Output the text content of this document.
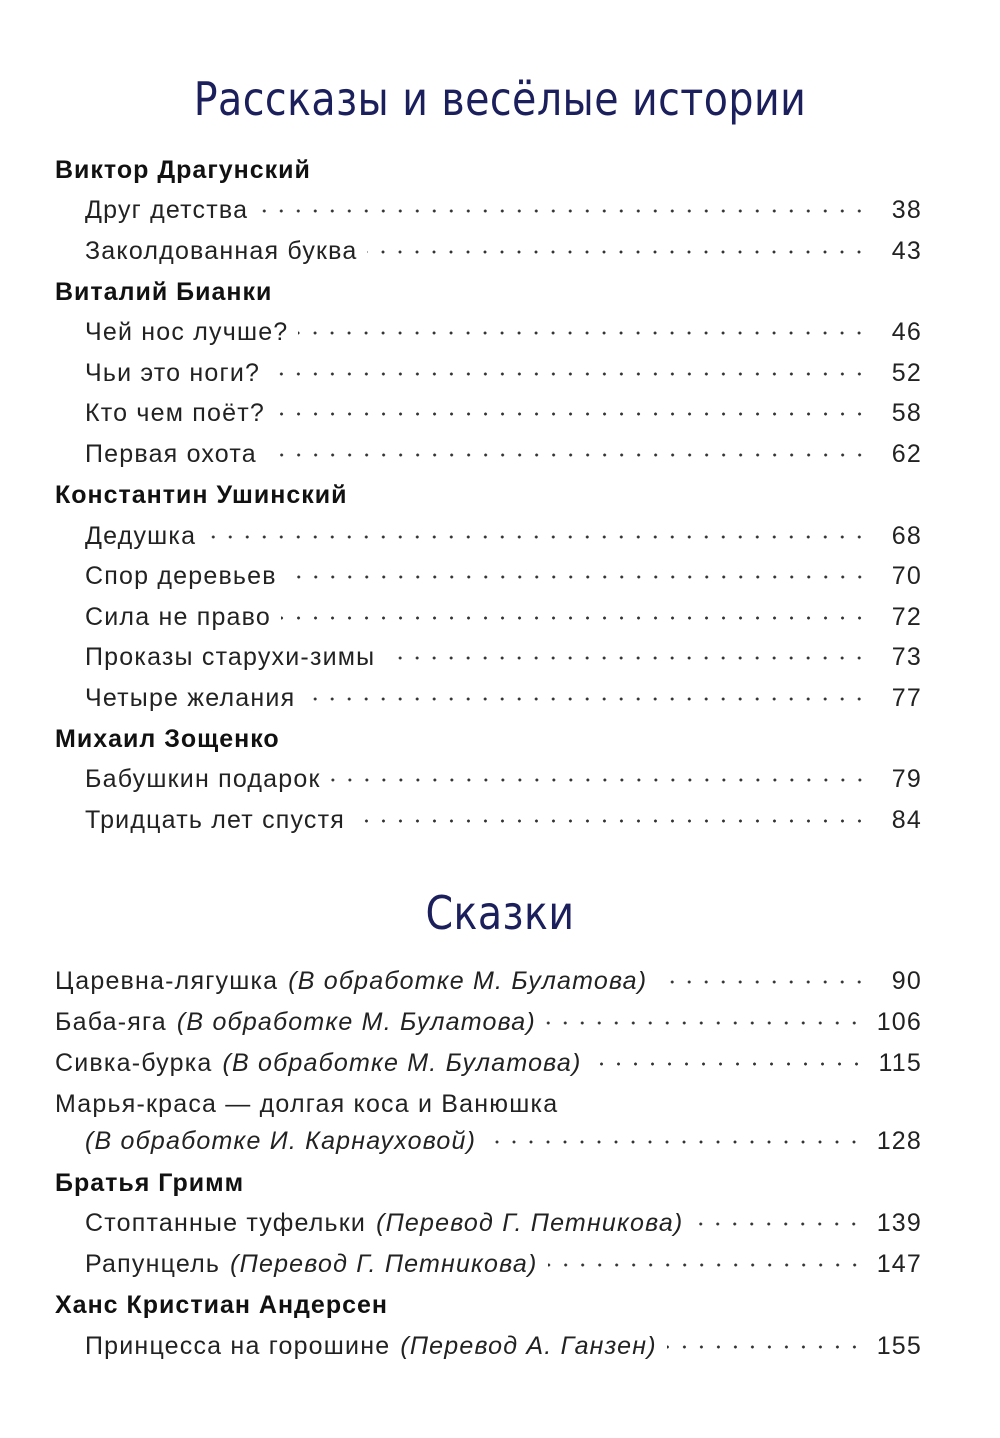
Рассказы и весёлые истории
Виктор Драгунский
Друг детства	38
Заколдованная буква	43
Виталий Бианки
Чей нос лучше?	46
Чьи это ноги?	52
Кто чем поёт?	58
Первая охота	62
Константин Ушинский
Дедушка	68
Спор деревьев	70
Сила не право	72
Проказы старухи-зимы	73
Четыре желания	77
Михаил Зощенко
Бабушкин подарок	79
Тридцать лет спустя	84
Сказки
Царевна-лягушка (В обработке М. Булатова)	90
Баба-яга (В обработке М. Булатова)	106
Сивка-бурка (В обработке М. Булатова)	115
Марья-краса — долгая коса и Ванюшка
(В обработке И. Карнауховой)	128
Братья Гримм
Стоптанные туфельки (Перевод Г. Петникова)	139
Рапунцель (Перевод Г. Петникова)	147
Ханс Кристиан Андерсен
Принцесса на горошине (Перевод А. Ганзен)	155
